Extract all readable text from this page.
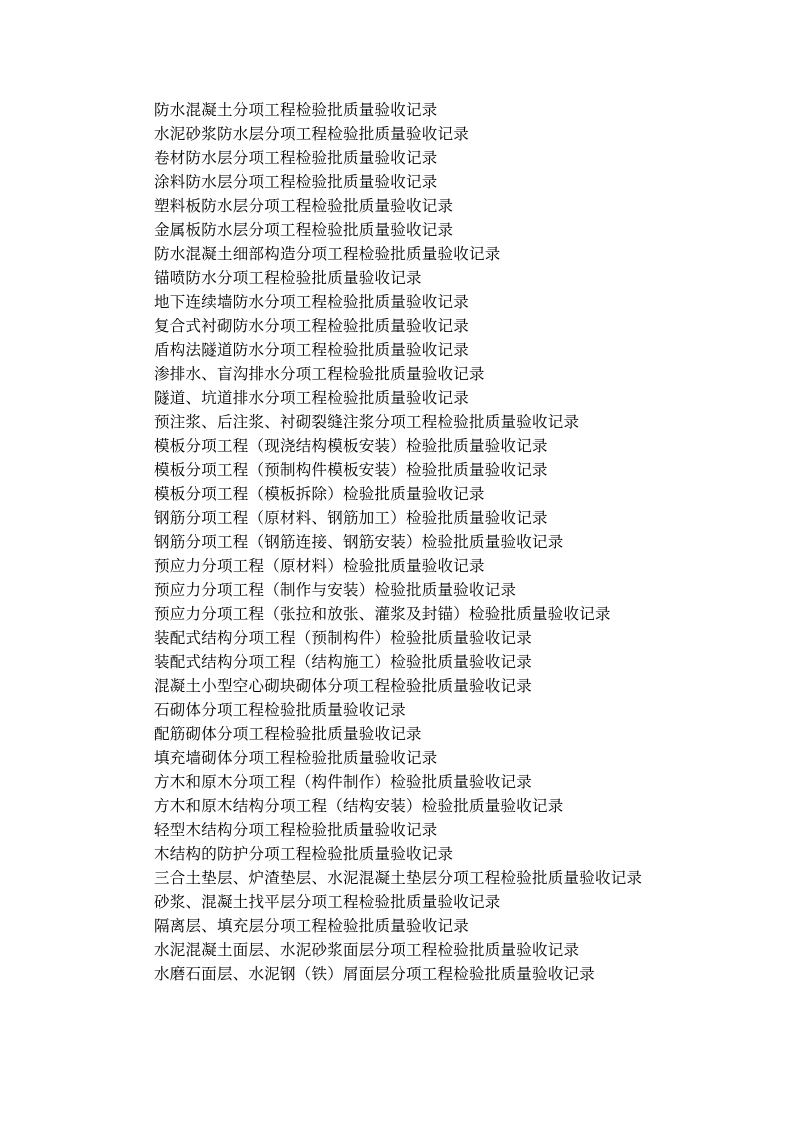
防水混凝土分项工程检验批质量验收记录
水泥砂浆防水层分项工程检验批质量验收记录
卷材防水层分项工程检验批质量验收记录
涂料防水层分项工程检验批质量验收记录
塑料板防水层分项工程检验批质量验收记录
金属板防水层分项工程检验批质量验收记录
防水混凝土细部构造分项工程检验批质量验收记录
锚喷防水分项工程检验批质量验收记录
地下连续墙防水分项工程检验批质量验收记录
复合式衬砌防水分项工程检验批质量验收记录
盾构法隧道防水分项工程检验批质量验收记录
渗排水、盲沟排水分项工程检验批质量验收记录
隧道、坑道排水分项工程检验批质量验收记录
预注浆、后注浆、衬砌裂缝注浆分项工程检验批质量验收记录
模板分项工程（现浇结构模板安装）检验批质量验收记录
模板分项工程（预制构件模板安装）检验批质量验收记录
模板分项工程（模板拆除）检验批质量验收记录
钢筋分项工程（原材料、钢筋加工）检验批质量验收记录
钢筋分项工程（钢筋连接、钢筋安装）检验批质量验收记录
预应力分项工程（原材料）检验批质量验收记录
预应力分项工程（制作与安装）检验批质量验收记录
预应力分项工程（张拉和放张、灌浆及封锚）检验批质量验收记录
装配式结构分项工程（预制构件）检验批质量验收记录
装配式结构分项工程（结构施工）检验批质量验收记录
混凝土小型空心砌块砌体分项工程检验批质量验收记录
石砌体分项工程检验批质量验收记录
配筋砌体分项工程检验批质量验收记录
填充墙砌体分项工程检验批质量验收记录
方木和原木分项工程（构件制作）检验批质量验收记录
方木和原木结构分项工程（结构安装）检验批质量验收记录
轻型木结构分项工程检验批质量验收记录
木结构的防护分项工程检验批质量验收记录
三合土垫层、炉渣垫层、水泥混凝土垫层分项工程检验批质量验收记录
砂浆、混凝土找平层分项工程检验批质量验收记录
隔离层、填充层分项工程检验批质量验收记录
水泥混凝土面层、水泥砂浆面层分项工程检验批质量验收记录
水磨石面层、水泥钢（铁）屑面层分项工程检验批质量验收记录
